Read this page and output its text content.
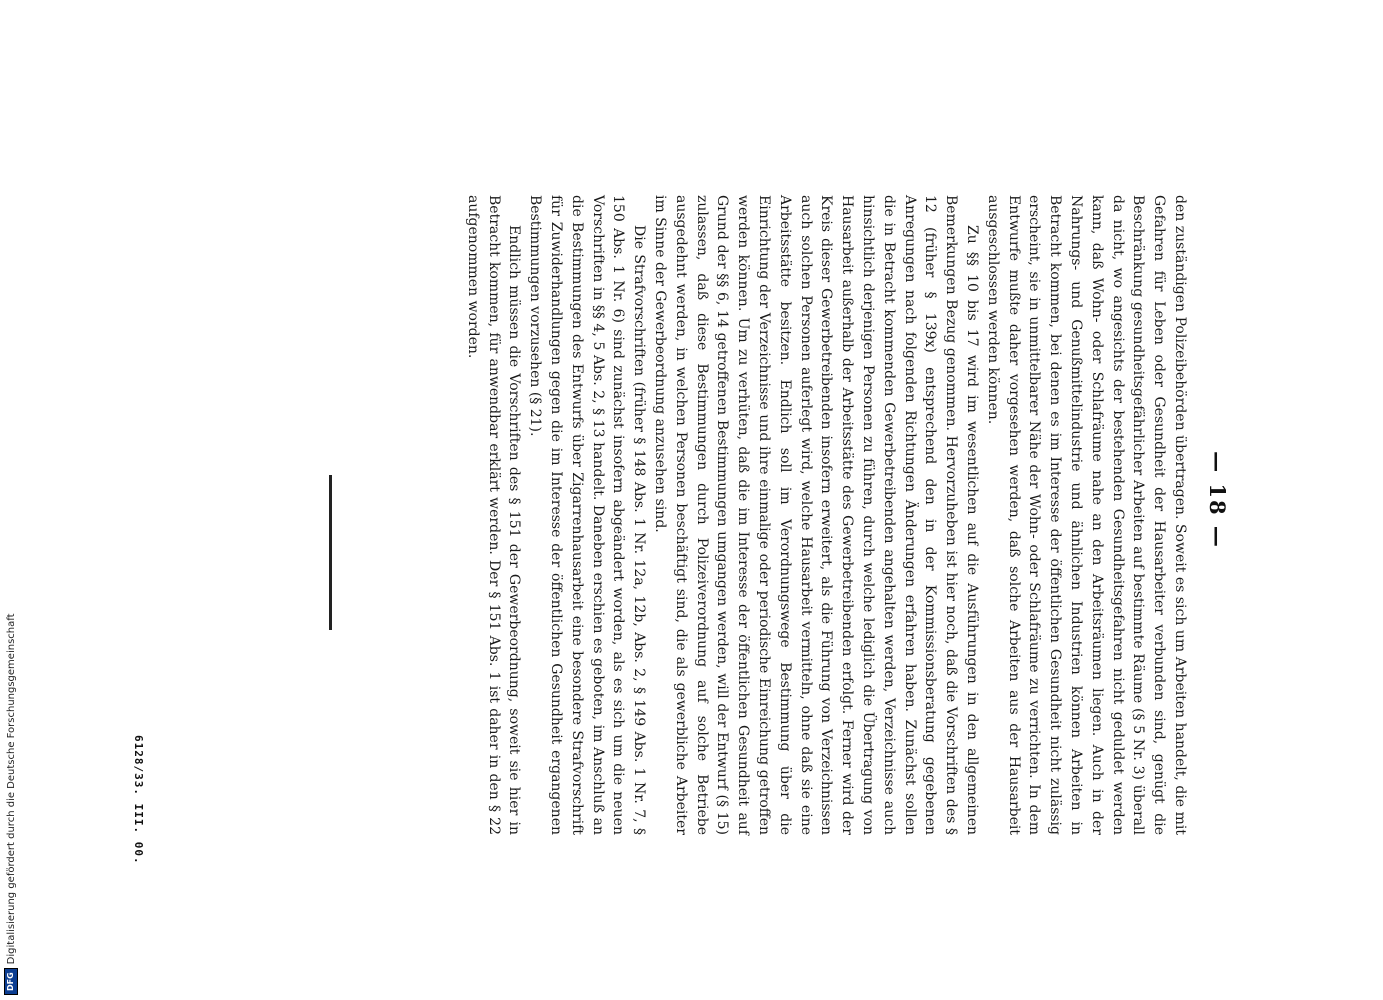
DFGDigitalisierung gefördert durch die Deutsche Forschungsgemeinschaft
— 18 —

den zuständigen Polizeibehörden übertragen. Soweit es sich um Arbeiten handelt, die mit Gefahren für Leben oder Gesundheit der Hausarbeiter verbunden sind, genügt die Beschränkung gesundheitsgefährlicher Arbeiten auf bestimmte Räume (§ 5 Nr. 3) überall da nicht, wo angesichts der bestehenden Gesundheitsgefahren nicht geduldet werden kann, daß Wohn- oder Schlafräume nahe an den Arbeitsräumen liegen. Auch in der Nahrungs- und Genußmittelindustrie und ähnlichen Industrien können Arbeiten in Betracht kommen, bei denen es im Interesse der öffentlichen Gesundheit nicht zulässig erscheint, sie in unmittelbarer Nähe der Wohn- oder Schlafräume zu verrichten. In dem Entwurfe mußte daher vorgesehen werden, daß solche Arbeiten aus der Hausarbeit ausgeschlossen werden können.

Zu §§ 10 bis 17 wird im wesentlichen auf die Ausführungen in den allgemeinen Bemerkungen Bezug genommen. Hervorzuheben ist hier noch, daß die Vorschriften des § 12 (früher § 139x) entsprechend den in der Kommissionsberatung gegebenen Anregungen nach folgenden Richtungen Änderungen erfahren haben. Zunächst sollen die in Betracht kommenden Gewerbetreibenden angehalten werden, Verzeichnisse auch hinsichtlich derjenigen Personen zu führen, durch welche lediglich die Übertragung von Hausarbeit außerhalb der Arbeitsstätte des Gewerbetreibenden erfolgt. Ferner wird der Kreis dieser Gewerbetreibenden insofern erweitert, als die Führung von Verzeichnissen auch solchen Personen auferlegt wird, welche Hausarbeit vermitteln, ohne daß sie eine Arbeitsstätte besitzen. Endlich soll im Verordnungswege Bestimmung über die Einrichtung der Verzeichnisse und ihre einmalige oder periodische Einreichung getroffen werden können. Um zu verhüten, daß die im Interesse der öffentlichen Gesundheit auf Grund der §§ 6, 14 getroffenen Bestimmungen umgangen werden, will der Entwurf (§ 15) zulassen, daß diese Bestimmungen durch Polizeiverordnung auf solche Betriebe ausgedehnt werden, in welchen Personen beschäftigt sind, die als gewerbliche Arbeiter im Sinne der Gewerbeordnung anzusehen sind.

Die Strafvorschriften (früher § 148 Abs. 1 Nr. 12a, 12b, Abs. 2, § 149 Abs. 1 Nr. 7, § 150 Abs. 1 Nr. 6) sind zunächst insofern abgeändert worden, als es sich um die neuen Vorschriften in §§ 4, 5 Abs. 2, § 13 handelt. Daneben erschien es geboten, im Anschluß an die Bestimmungen des Entwurfs über Zigarrenhausarbeit eine besondere Strafvorschrift für Zuwiderhandlungen gegen die im Interesse der öffentlichen Gesundheit ergangenen Bestimmungen vorzusehen (§ 21).

Endlich müssen die Vorschriften des § 151 der Gewerbeordnung, soweit sie hier in Betracht kommen, für anwendbar erklärt werden. Der § 151 Abs. 1 ist daher in den § 22 aufgenommen worden.

6128/33. III. 00.
